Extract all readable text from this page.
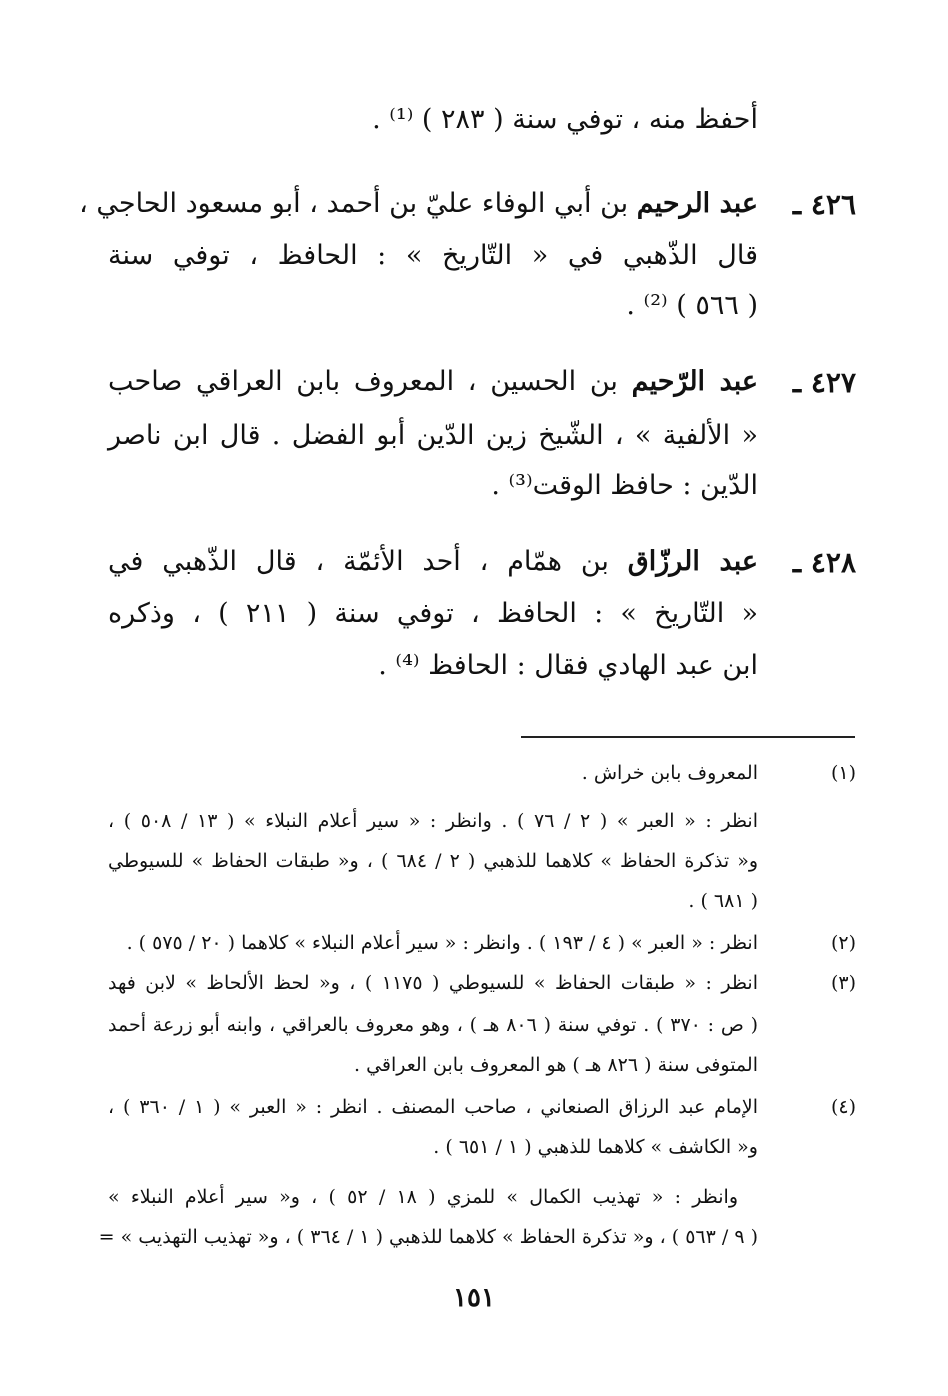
أحفظ منه ، توفي سنة ( ٢٨٣ ) ⁽¹⁾ .
٤٢٦ ـ
عبد الرحيم بن أبي الوفاء عليّ بن أحمد ، أبو مسعود الحاجي ،
قال الذّهبي في « التّاريخ » : الحافظ ، توفي سنة
( ٥٦٦ ) ⁽²⁾ .
٤٢٧ ـ
عبد الرّحيم بن الحسين ، المعروف بابن العراقي صاحب
« الألفية » ، الشّيخ زين الدّين أبو الفضل . قال ابن ناصر
الدّين : حافظ الوقت⁽³⁾ .
٤٢٨ ـ
عبد الرزّاق بن همّام ، أحد الأئمّة ، قال الذّهبي في
« التّاريخ » : الحافظ ، توفي سنة ( ٢١١ ) ، وذكره
ابن عبد الهادي فقال : الحافظ ⁽⁴⁾ .
(١)
المعروف بابن خراش .
انظر : « العبر » ( ٢ / ٧٦ ) . وانظر : « سير أعلام النبلاء » ( ١٣ / ٥٠٨ ) ،
و« تذكرة الحفاظ » كلاهما للذهبي ( ٢ / ٦٨٤ ) ، و« طبقات الحفاظ » للسيوطي
( ٦٨١ ) .
(٢)
انظر : « العبر » ( ٤ / ١٩٣ ) . وانظر : « سير أعلام النبلاء » كلاهما ( ٢٠ / ٥٧٥ ) .
(٣)
انظر : « طبقات الحفاظ » للسيوطي ( ١١٧٥ ) ، و« لحظ الألحاظ » لابن فهد
( ص : ٣٧٠ ) . توفي سنة ( ٨٠٦ هـ ) ، وهو معروف بالعراقي ، وابنه أبو زرعة أحمد
المتوفى سنة ( ٨٢٦ هـ ) هو المعروف بابن العراقي .
(٤)
الإمام عبد الرزاق الصنعاني ، صاحب المصنف . انظر : « العبر » ( ١ / ٣٦٠ ) ،
و« الكاشف » كلاهما للذهبي ( ١ / ٦٥١ ) .
وانظر : « تهذيب الكمال » للمزي ( ١٨ / ٥٢ ) ، و« سير أعلام النبلاء »
( ٩ / ٥٦٣ ) ، و« تذكرة الحفاظ » كلاهما للذهبي ( ١ / ٣٦٤ ) ، و« تهذيب التهذيب » =
١٥١
